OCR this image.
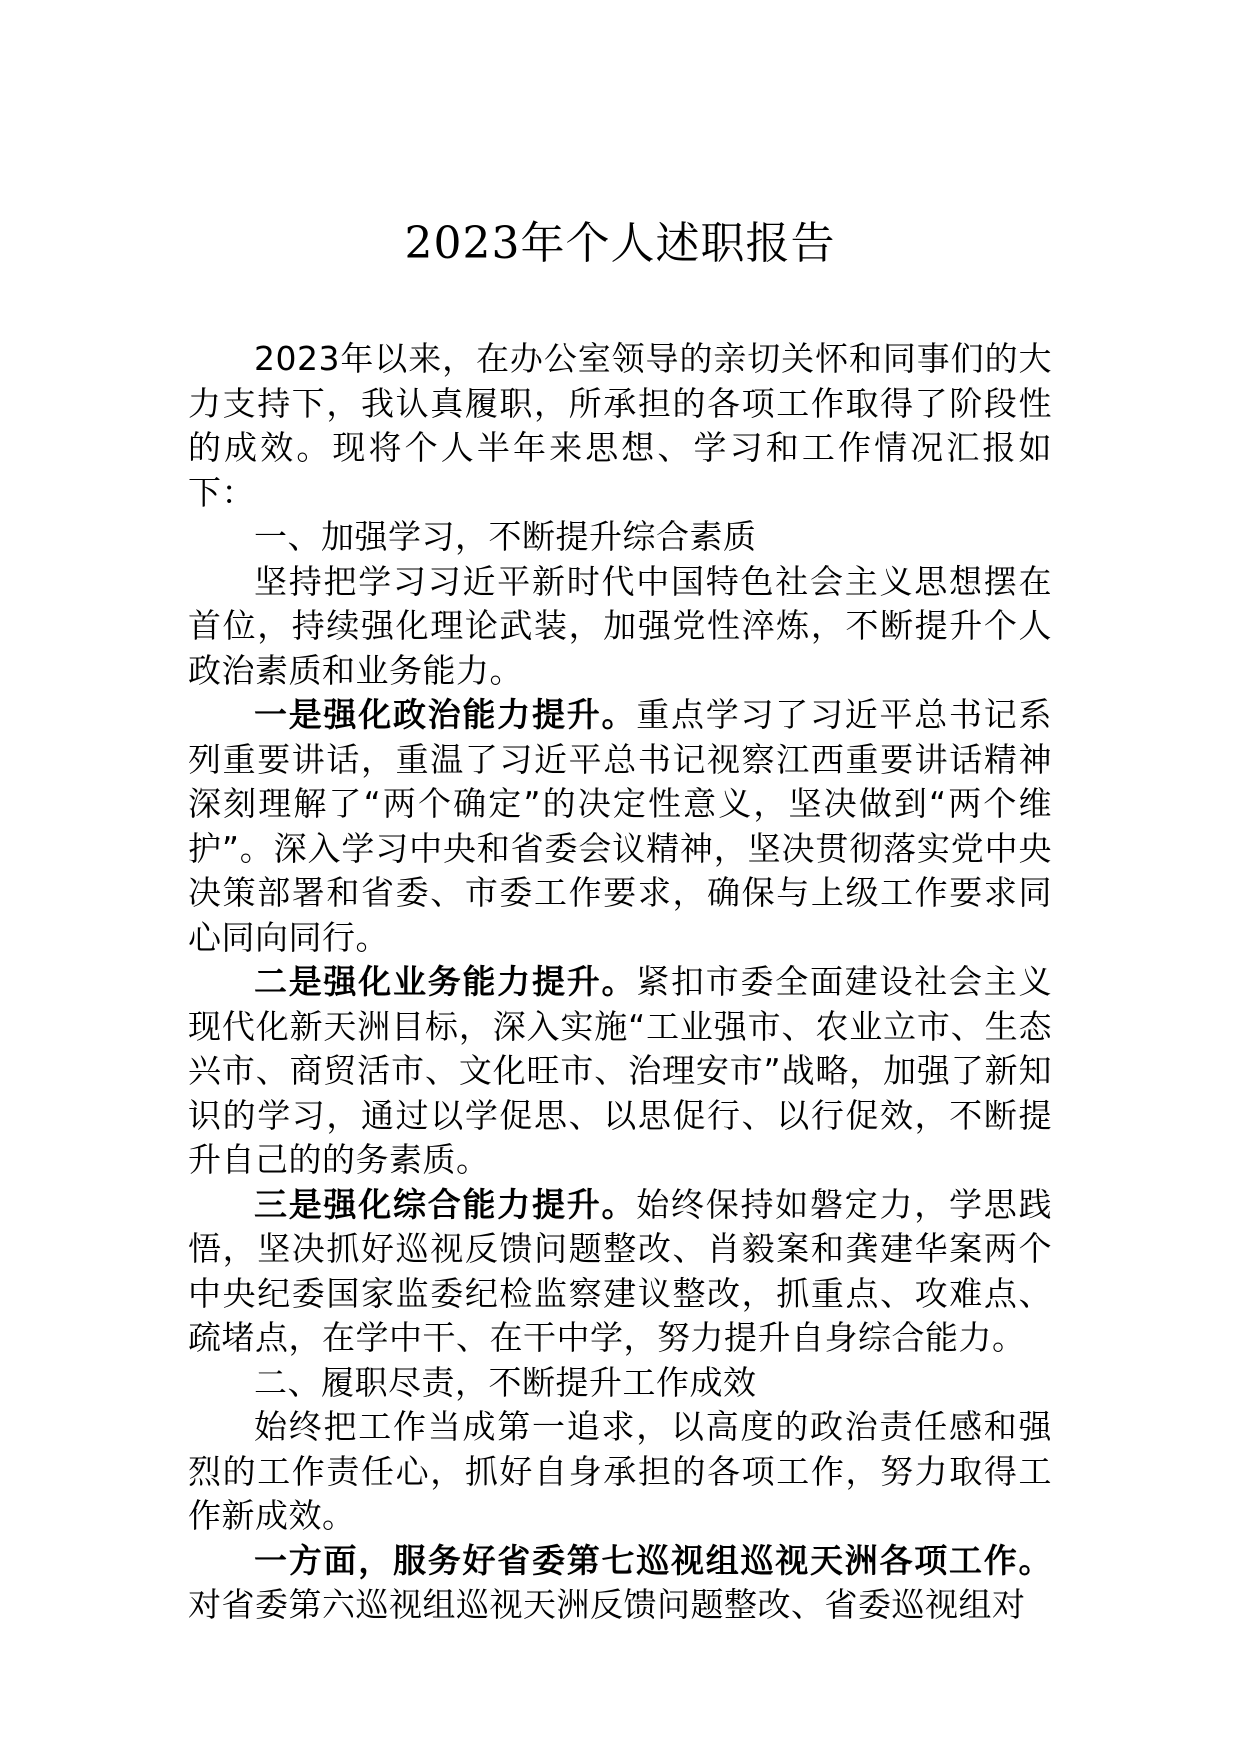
2023年个人述职报告

2023年以来，在办公室领导的亲切关怀和同事们的大力支持下，我认真履职，所承担的各项工作取得了阶段性的成效。现将个人半年来思想、学习和工作情况汇报如下：

一、加强学习，不断提升综合素质

坚持把学习习近平新时代中国特色社会主义思想摆在首位，持续强化理论武装，加强党性淬炼，不断提升个人政治素质和业务能力。

一是强化政治能力提升。重点学习了习近平总书记系列重要讲话，重温了习近平总书记视察江西重要讲话精神深刻理解了“两个确定”的决定性意义，坚决做到“两个维护”。深入学习中央和省委会议精神，坚决贯彻落实党中央决策部署和省委、市委工作要求，确保与上级工作要求同心同向同行。

二是强化业务能力提升。紧扣市委全面建设社会主义现代化新天洲目标，深入实施“工业强市、农业立市、生态兴市、商贸活市、文化旺市、治理安市”战略，加强了新知识的学习，通过以学促思、以思促行、以行促效，不断提升自己的的务素质。

三是强化综合能力提升。始终保持如磐定力，学思践悟，坚决抓好巡视反馈问题整改、肖毅案和龚建华案两个中央纪委国家监委纪检监察建议整改，抓重点、攻难点、疏堵点，在学中干、在干中学，努力提升自身综合能力。

二、履职尽责，不断提升工作成效

始终把工作当成第一追求，以高度的政治责任感和强烈的工作责任心，抓好自身承担的各项工作，努力取得工作新成效。

一方面，服务好省委第七巡视组巡视天洲各项工作。对省委第六巡视组巡视天洲反馈问题整改、省委巡视组对
